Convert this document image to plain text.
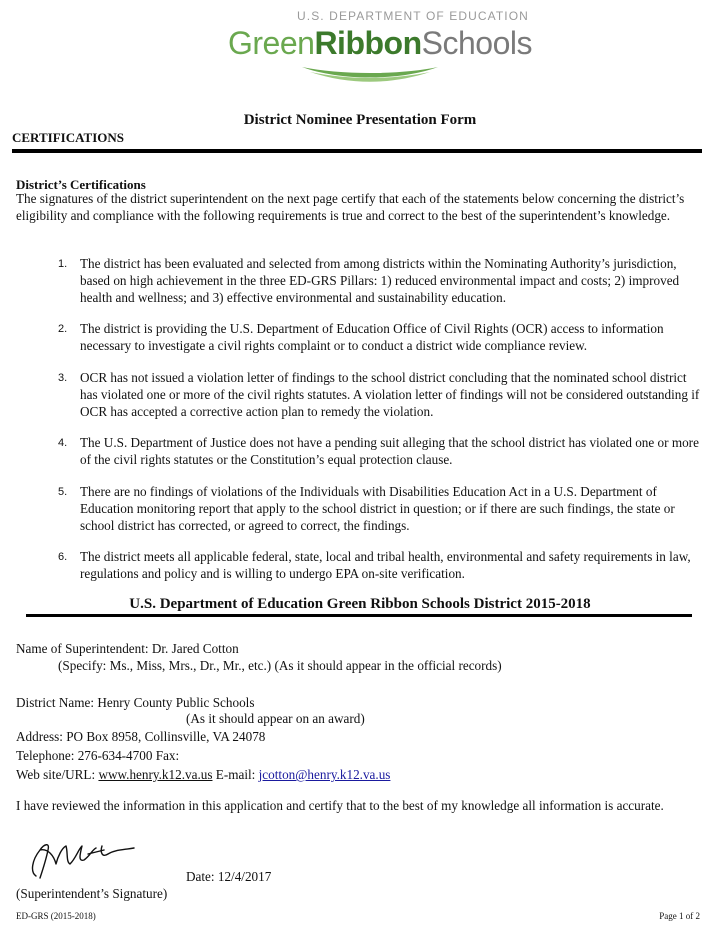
U.S. DEPARTMENT OF EDUCATION
GreenRibbonSchools
District Nominee Presentation Form
CERTIFICATIONS
District’s Certifications
The signatures of the district superintendent on the next page certify that each of the statements below concerning the district’s eligibility and compliance with the following requirements is true and correct to the best of the superintendent’s knowledge.
1. The district has been evaluated and selected from among districts within the Nominating Authority’s jurisdiction, based on high achievement in the three ED-GRS Pillars: 1) reduced environmental impact and costs; 2) improved health and wellness; and 3) effective environmental and sustainability education.
2. The district is providing the U.S. Department of Education Office of Civil Rights (OCR) access to information necessary to investigate a civil rights complaint or to conduct a district wide compliance review.
3. OCR has not issued a violation letter of findings to the school district concluding that the nominated school district has violated one or more of the civil rights statutes. A violation letter of findings will not be considered outstanding if OCR has accepted a corrective action plan to remedy the violation.
4. The U.S. Department of Justice does not have a pending suit alleging that the school district has violated one or more of the civil rights statutes or the Constitution’s equal protection clause.
5. There are no findings of violations of the Individuals with Disabilities Education Act in a U.S. Department of Education monitoring report that apply to the school district in question; or if there are such findings, the state or school district has corrected, or agreed to correct, the findings.
6. The district meets all applicable federal, state, local and tribal health, environmental and safety requirements in law, regulations and policy and is willing to undergo EPA on-site verification.
U.S. Department of Education Green Ribbon Schools District 2015-2018
Name of Superintendent: Dr. Jared Cotton
(Specify: Ms., Miss, Mrs., Dr., Mr., etc.) (As it should appear in the official records)
District Name: Henry County Public Schools
(As it should appear on an award)
Address: PO Box 8958, Collinsville, VA 24078
Telephone: 276-634-4700 Fax:
Web site/URL: www.henry.k12.va.us E-mail: jcotton@henry.k12.va.us
I have reviewed the information in this application and certify that to the best of my knowledge all information is accurate.
Date: 12/4/2017
(Superintendent’s Signature)
ED-GRS (2015-2018)	Page 1 of 2
